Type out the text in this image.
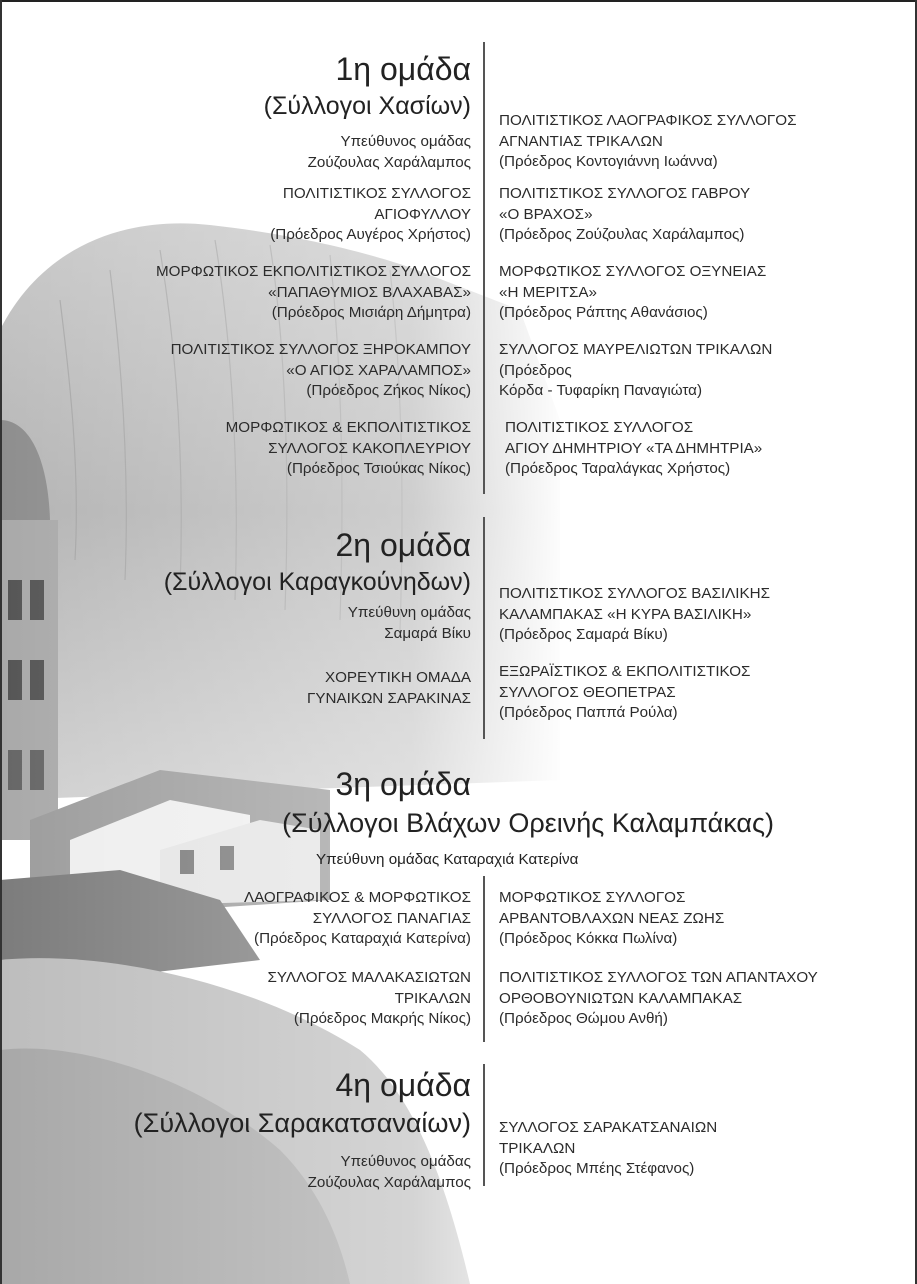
1η ομάδα
(Σύλλογοι Χασίων)
Υπεύθυνος ομάδας
Ζούζουλας Χαράλαμπος
ΠΟΛΙΤΙΣΤΙΚΟΣ ΣΥΛΛΟΓΟΣ
ΑΓΙΟΦΥΛΛΟΥ
(Πρόεδρος Αυγέρος Χρήστος)
ΜΟΡΦΩΤΙΚΟΣ ΕΚΠΟΛΙΤΙΣΤΙΚΟΣ ΣΥΛΛΟΓΟΣ
«ΠΑΠΑΘΥΜΙΟΣ ΒΛΑΧΑΒΑΣ»
(Πρόεδρος Μισιάρη Δήμητρα)
ΠΟΛΙΤΙΣΤΙΚΟΣ ΣΥΛΛΟΓΟΣ ΞΗΡΟΚΑΜΠΟΥ
«Ο ΑΓΙΟΣ ΧΑΡΑΛΑΜΠΟΣ»
(Πρόεδρος Ζήκος Νίκος)
ΜΟΡΦΩΤΙΚΟΣ & ΕΚΠΟΛΙΤΙΣΤΙΚΟΣ
ΣΥΛΛΟΓΟΣ ΚΑΚΟΠΛΕΥΡΙΟΥ
(Πρόεδρος Τσιούκας Νίκος)
ΠΟΛΙΤΙΣΤΙΚΟΣ ΛΑΟΓΡΑΦΙΚΟΣ ΣΥΛΛΟΓΟΣ
ΑΓΝΑΝΤΙΑΣ ΤΡΙΚΑΛΩΝ
(Πρόεδρος Κοντογιάννη Ιωάννα)
ΠΟΛΙΤΙΣΤΙΚΟΣ ΣΥΛΛΟΓΟΣ ΓΑΒΡΟΥ
«Ο ΒΡΑΧΟΣ»
(Πρόεδρος Ζούζουλας Χαράλαμπος)
ΜΟΡΦΩΤΙΚΟΣ ΣΥΛΛΟΓΟΣ ΟΞΥΝΕΙΑΣ
«Η ΜΕΡΙΤΣΑ»
(Πρόεδρος Ράπτης Αθανάσιος)
ΣΥΛΛΟΓΟΣ ΜΑΥΡΕΛΙΩΤΩΝ ΤΡΙΚΑΛΩΝ
(Πρόεδρος
Κόρδα - Τυφαρίκη Παναγιώτα)
ΠΟΛΙΤΙΣΤΙΚΟΣ ΣΥΛΛΟΓΟΣ
ΑΓΙΟΥ ΔΗΜΗΤΡΙΟΥ «ΤΑ ΔΗΜΗΤΡΙΑ»
(Πρόεδρος Ταραλάγκας Χρήστος)
2η ομάδα
(Σύλλογοι Καραγκούνηδων)
Υπεύθυνη ομάδας
Σαμαρά Βίκυ
ΧΟΡΕΥΤΙΚΗ ΟΜΑΔΑ
ΓΥΝΑΙΚΩΝ ΣΑΡΑΚΙΝΑΣ
ΠΟΛΙΤΙΣΤΙΚΟΣ ΣΥΛΛΟΓΟΣ ΒΑΣΙΛΙΚΗΣ
ΚΑΛΑΜΠΑΚΑΣ «Η ΚΥΡΑ ΒΑΣΙΛΙΚΗ»
(Πρόεδρος Σαμαρά Βίκυ)
ΕΞΩΡΑΪΣΤΙΚΟΣ & ΕΚΠΟΛΙΤΙΣΤΙΚΟΣ
ΣΥΛΛΟΓΟΣ ΘΕΟΠΕΤΡΑΣ
(Πρόεδρος Παππά Ρούλα)
3η ομάδα
(Σύλλογοι Βλάχων Ορεινής Καλαμπάκας)
Υπεύθυνη ομάδας Καταραχιά Κατερίνα
ΛΑΟΓΡΑΦΙΚΟΣ & ΜΟΡΦΩΤΙΚΟΣ
ΣΥΛΛΟΓΟΣ ΠΑΝΑΓΙΑΣ
(Πρόεδρος Καταραχιά Κατερίνα)
ΣΥΛΛΟΓΟΣ ΜΑΛΑΚΑΣΙΩΤΩΝ
ΤΡΙΚΑΛΩΝ
(Πρόεδρος Μακρής Νίκος)
ΜΟΡΦΩΤΙΚΟΣ ΣΥΛΛΟΓΟΣ
ΑΡΒΑΝΤΟΒΛΑΧΩΝ ΝΕΑΣ ΖΩΗΣ
(Πρόεδρος Κόκκα Πωλίνα)
ΠΟΛΙΤΙΣΤΙΚΟΣ ΣΥΛΛΟΓΟΣ ΤΩΝ ΑΠΑΝΤΑΧΟΥ
ΟΡΘΟΒΟΥΝΙΩΤΩΝ ΚΑΛΑΜΠΑΚΑΣ
(Πρόεδρος Θώμου Ανθή)
4η ομάδα
(Σύλλογοι Σαρακατσαναίων)
Υπεύθυνος ομάδας
Ζούζουλας Χαράλαμπος
ΣΥΛΛΟΓΟΣ ΣΑΡΑΚΑΤΣΑΝΑΙΩΝ
ΤΡΙΚΑΛΩΝ
(Πρόεδρος Μπέης Στέφανος)
